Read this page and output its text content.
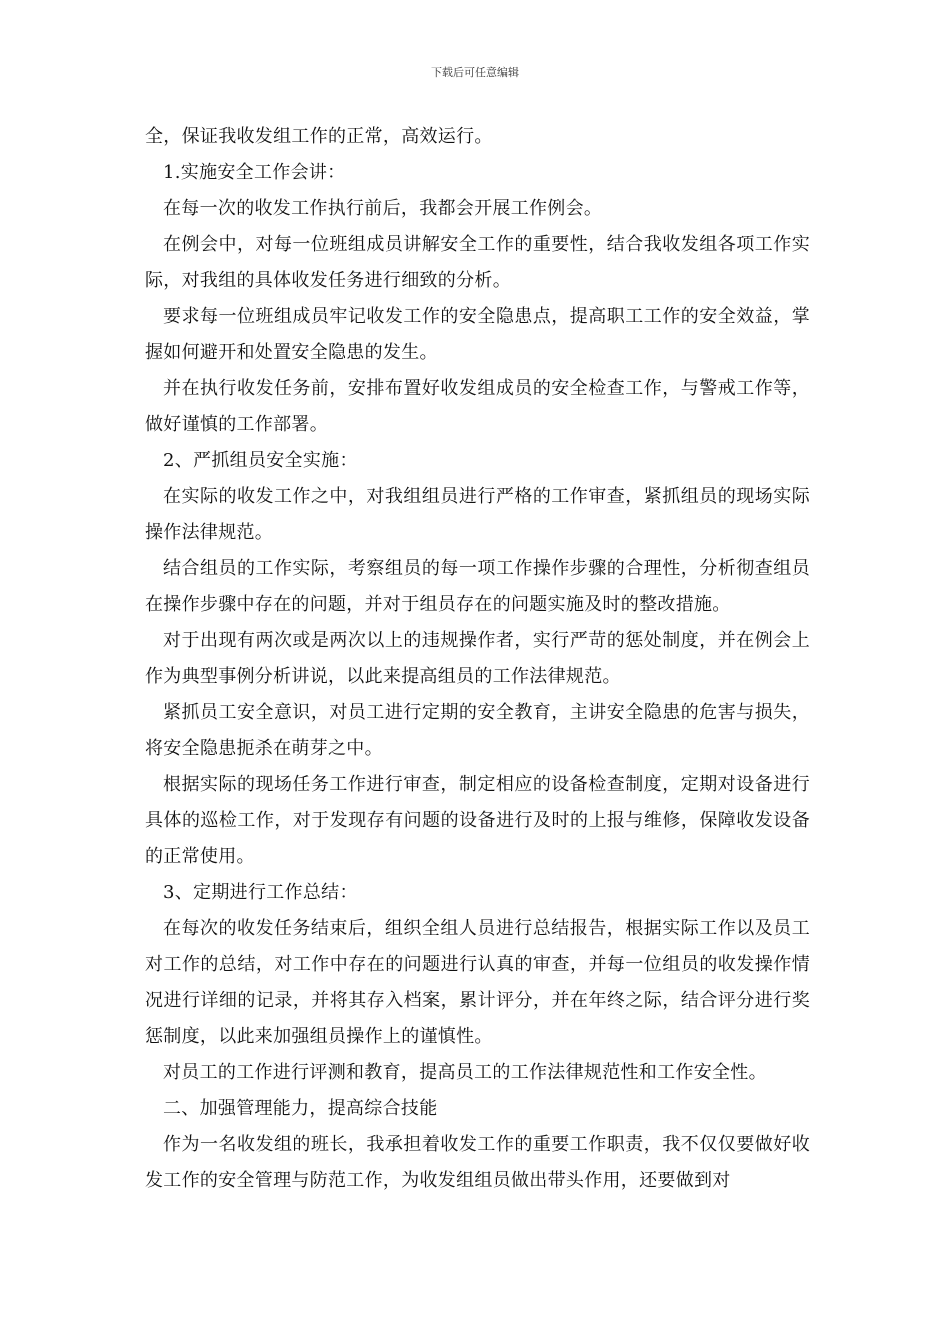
下载后可任意编辑

全，保证我收发组工作的正常，高效运行。

1.实施安全工作会讲：

在每一次的收发工作执行前后，我都会开展工作例会。

在例会中，对每一位班组成员讲解安全工作的重要性，结合我收发组各项工作实际，对我组的具体收发任务进行细致的分析。

要求每一位班组成员牢记收发工作的安全隐患点，提高职工工作的安全效益，掌握如何避开和处置安全隐患的发生。

并在执行收发任务前，安排布置好收发组成员的安全检查工作，与警戒工作等，做好谨慎的工作部署。

2、严抓组员安全实施：

在实际的收发工作之中，对我组组员进行严格的工作审查，紧抓组员的现场实际操作法律规范。

结合组员的工作实际，考察组员的每一项工作操作步骤的合理性，分析彻查组员在操作步骤中存在的问题，并对于组员存在的问题实施及时的整改措施。

对于出现有两次或是两次以上的违规操作者，实行严苛的惩处制度，并在例会上作为典型事例分析讲说，以此来提高组员的工作法律规范。

紧抓员工安全意识，对员工进行定期的安全教育，主讲安全隐患的危害与损失，将安全隐患扼杀在萌芽之中。

根据实际的现场任务工作进行审查，制定相应的设备检查制度，定期对设备进行具体的巡检工作，对于发现存有问题的设备进行及时的上报与维修，保障收发设备的正常使用。

3、定期进行工作总结：

在每次的收发任务结束后，组织全组人员进行总结报告，根据实际工作以及员工对工作的总结，对工作中存在的问题进行认真的审查，并每一位组员的收发操作情况进行详细的记录，并将其存入档案，累计评分，并在年终之际，结合评分进行奖惩制度，以此来加强组员操作上的谨慎性。

对员工的工作进行评测和教育，提高员工的工作法律规范性和工作安全性。

二、加强管理能力，提高综合技能

作为一名收发组的班长，我承担着收发工作的重要工作职责，我不仅仅要做好收发工作的安全管理与防范工作，为收发组组员做出带头作用，还要做到对
